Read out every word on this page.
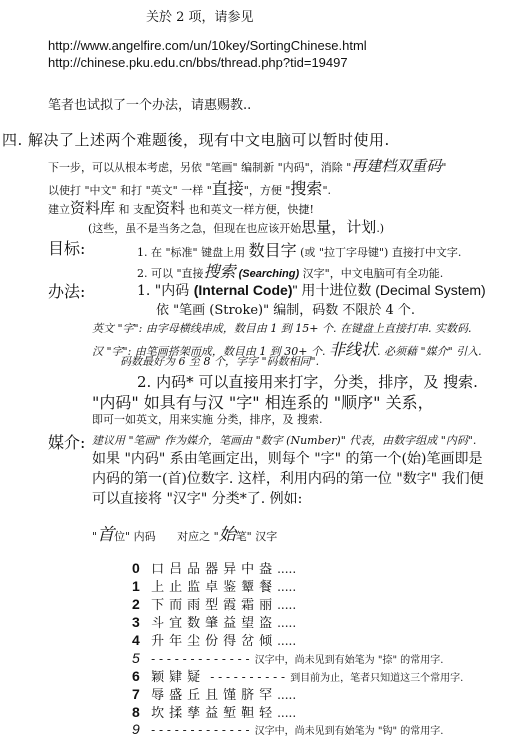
关於 2 项，请参见
http://www.angelfire.com/un/10key/SortingChinese.html
http://chinese.pku.edu.cn/bbs/thread.php?tid=19497
笔者也试拟了一个办法，请惠赐教..
四. 解决了上述两个难题後，现有中文电脑可以暂时使用.
下一步，可以从根本考虑，另依 "笔画" 编制新 "内码"，消除 "再建档双重码"
以使打 "中文" 和打 "英文" 一样 "直接"，方便 "搜索".
建立资料库 和 支配资料 也和英文一样方便，快捷!
(这些，虽不是当务之急，但现在也应该开始思量，计划.)
目标:	1. 在 "标准" 键盘上用 数目字 (或 "拉丁字母键") 直接打中文字.
2. 可以 "直接搜索 (Searching) 汉字"，中文电脑可有全功能.
办法:	1. "内码 (Internal Code)" 用十进位数 (Decimal System)
依 "笔画 (Stroke)" 编制，码数 不限於 4 个.
英文 "字": 由字母横线串成，数目由 1 到 15+ 个. 在键盘上直接打串. 实数码.
汉 "字": 由笔画搭架而成，数目由 1 到 30+ 个. 非线状. 必须藉 "媒介" 引入.
码数最好为 6 至 8 个，字字 "码数相同".
2. 内码* 可以直接用来打字，分类，排序，及 搜索.
"内码" 如具有与汉 "字" 相连系的 "顺序" 关系，
即可一如英文，用来实施 分类，排序，及 搜索.
媒介: 建议用 "笔画" 作为媒介，笔画由 "数字 (Number)" 代表，由数字组成 "内码".
如果 "内码" 系由笔画定出，则每个 "字" 的第一个(始)笔画即是
内码的第一(首)位数字. 这样，利用内码的第一位 "数字" 我们便
可以直接将 "汉字" 分类*了. 例如:
"首位" 内码 对应之 "始笔" 汉字
0 口吕品器异中盎.....
1 上止监卓鉴颦餐.....
2 下而雨型霞霜丽.....
3 斗宜数肇益望盗.....
4 升年尘份得岔倾.....
5 - - - - - - - - - - - - - 汉字中，尚未见到有始笔为 "捺" 的常用字.
6 颖肄疑 - - - - - - - - - - 到目前为止，笔者只知道这三个常用字.
7 辱盛丘且馑脐罕.....
8 坎揉孳益堑靼轻.....
9 - - - - - - - - - - - - - 汉字中，尚未见到有始笔为 "钩" 的常用字.
